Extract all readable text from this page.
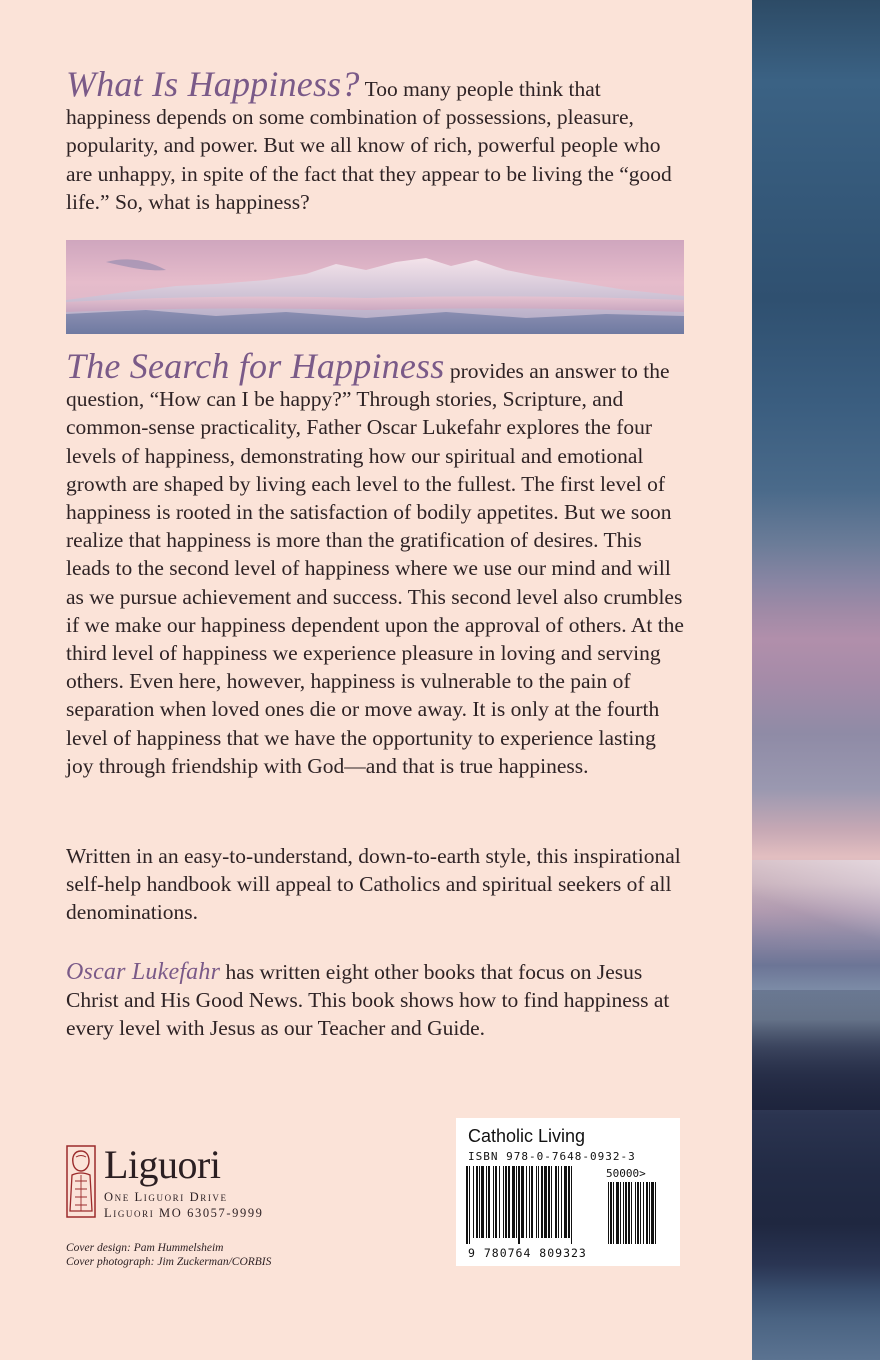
What Is Happiness? Too many people think that happiness depends on some combination of possessions, pleasure, popularity, and power. But we all know of rich, powerful people who are unhappy, in spite of the fact that they appear to be living the “good life.” So, what is happiness?
The Search for Happiness provides an answer to the question, “How can I be happy?” Through stories, Scripture, and common-sense practicality, Father Oscar Lukefahr explores the four levels of happiness, demonstrating how our spiritual and emotional growth are shaped by living each level to the fullest. The first level of happiness is rooted in the satisfaction of bodily appetites. But we soon realize that happiness is more than the gratification of desires. This leads to the second level of happiness where we use our mind and will as we pursue achievement and success. This second level also crumbles if we make our happiness dependent upon the approval of others. At the third level of happiness we experience pleasure in loving and serving others. Even here, however, happiness is vulnerable to the pain of separation when loved ones die or move away. It is only at the fourth level of happiness that we have the opportunity to experience lasting joy through friendship with God—and that is true happiness.
Written in an easy-to-understand, down-to-earth style, this inspirational self-help handbook will appeal to Catholics and spiritual seekers of all denominations.
Oscar Lukefahr has written eight other books that focus on Jesus Christ and His Good News. This book shows how to find happiness at every level with Jesus as our Teacher and Guide.
Liguori
One Liguori Drive
Liguori MO 63057-9999
Cover design: Pam Hummelsheim
Cover photograph: Jim Zuckerman/CORBIS
Catholic Living
ISBN 978-0-7648-0932-3
50000>
9 780764 809323
